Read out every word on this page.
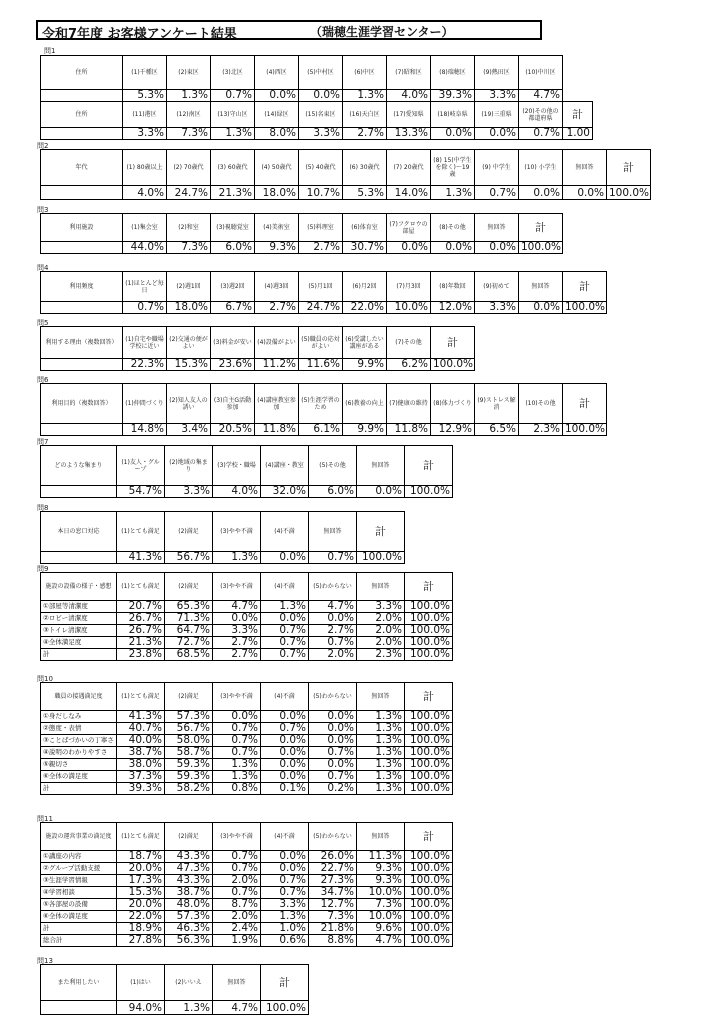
令和7年度 お客様アンケート結果	（瑞穂生涯学習センター）
問1
住所	(1)千種区	(2)東区	(3)北区	(4)西区	(5)中村区	(6)中区	(7)昭和区	(8)瑞穂区	(9)熱田区	(10)中川区
	5.3%	1.3%	0.7%	0.0%	0.0%	1.3%	4.0%	39.3%	3.3%	4.7%
住所	(11)港区	(12)南区	(13)守山区	(14)緑区	(15)名東区	(16)天白区	(17)愛知県	(18)岐阜県	(19)三重県	(20)その他の都道府県	計
	3.3%	7.3%	1.3%	8.0%	3.3%	2.7%	13.3%	0.0%	0.0%	0.7%	1.00
問2
年代	(1) 80歳以上	(2) 70歳代	(3) 60歳代	(4) 50歳代	(5) 40歳代	(6) 30歳代	(7) 20歳代	(8) 15(中学生を除く)～19歳	(9) 中学生	(10) 小学生	無回答	計
	4.0%	24.7%	21.3%	18.0%	10.7%	5.3%	14.0%	1.3%	0.7%	0.0%	0.0%	100.0%
問3
利用施設	(1)集会室	(2)和室	(3)視聴覚室	(4)美術室	(5)料理室	(6)体育室	(7)フクロウの部屋	(8)その他	無回答	計
	44.0%	7.3%	6.0%	9.3%	2.7%	30.7%	0.0%	0.0%	0.0%	100.0%
問4
利用頻度	(1)ほとんど毎日	(2)週1回	(3)週2回	(4)週3回	(5)月1回	(6)月2回	(7)月3回	(8)年数回	(9)初めて	無回答	計
	0.7%	18.0%	6.7%	2.7%	24.7%	22.0%	10.0%	12.0%	3.3%	0.0%	100.0%
問5
利用する理由（複数回答）	(1)自宅や職場学校に近い	(2)交通の便がよい	(3)料金が安い	(4)設備がよい	(5)職員の応対がよい	(6)受講したい講座がある	(7)その他	計
	22.3%	15.3%	23.6%	11.2%	11.6%	9.9%	6.2%	100.0%
問6
利用目的（複数回答）	(1)仲間づくり	(2)知人友人の誘い	(3)自主G活動参加	(4)講座教室参加	(5)生涯学習のため	(6)教養の向上	(7)健康の維持	(8)体力づくり	(9)ストレス解消	(10)その他	計
	14.8%	3.4%	20.5%	11.8%	6.1%	9.9%	11.8%	12.9%	6.5%	2.3%	100.0%
問7
どのような集まり	(1)友人・グループ	(2)地域の集まり	(3)学校・職場	(4)講座・教室	(5)その他	無回答	計
	54.7%	3.3%	4.0%	32.0%	6.0%	0.0%	100.0%
問8
本日の窓口対応	(1)とても満足	(2)満足	(3)やや不満	(4)不満	無回答	計
	41.3%	56.7%	1.3%	0.0%	0.7%	100.0%
問9
施設の設備の様子・感想	(1)とても満足	(2)満足	(3)やや不満	(4)不満	(5)わからない	無回答	計
①部屋等清潔度	20.7%	65.3%	4.7%	1.3%	4.7%	3.3%	100.0%
②ロビー清潔度	26.7%	71.3%	0.0%	0.0%	0.0%	2.0%	100.0%
③トイレ清潔度	26.7%	64.7%	3.3%	0.7%	2.7%	2.0%	100.0%
④全体満足度	21.3%	72.7%	2.7%	0.7%	0.7%	2.0%	100.0%
計	23.8%	68.5%	2.7%	0.7%	2.0%	2.3%	100.0%
問10
職員の接遇満足度	(1)とても満足	(2)満足	(3)やや不満	(4)不満	(5)わからない	無回答	計
①身だしなみ	41.3%	57.3%	0.0%	0.0%	0.0%	1.3%	100.0%
②態度・表情	40.7%	56.7%	0.7%	0.7%	0.0%	1.3%	100.0%
③ことばづかいの丁寧さ	40.0%	58.0%	0.7%	0.0%	0.0%	1.3%	100.0%
④説明のわかりやすさ	38.7%	58.7%	0.7%	0.0%	0.7%	1.3%	100.0%
⑤親切さ	38.0%	59.3%	1.3%	0.0%	0.0%	1.3%	100.0%
⑥全体の満足度	37.3%	59.3%	1.3%	0.0%	0.7%	1.3%	100.0%
計	39.3%	58.2%	0.8%	0.1%	0.2%	1.3%	100.0%
問11
施設の運営事業の満足度	(1)とても満足	(2)満足	(3)やや不満	(4)不満	(5)わからない	無回答	計
①講座の内容	18.7%	43.3%	0.7%	0.0%	26.0%	11.3%	100.0%
②グループ活動支援	20.0%	47.3%	0.7%	0.0%	22.7%	9.3%	100.0%
③生涯学習情報	17.3%	43.3%	2.0%	0.7%	27.3%	9.3%	100.0%
④学習相談	15.3%	38.7%	0.7%	0.7%	34.7%	10.0%	100.0%
⑤各部屋の設備	20.0%	48.0%	8.7%	3.3%	12.7%	7.3%	100.0%
⑥全体の満足度	22.0%	57.3%	2.0%	1.3%	7.3%	10.0%	100.0%
計	18.9%	46.3%	2.4%	1.0%	21.8%	9.6%	100.0%
総合計	27.8%	56.3%	1.9%	0.6%	8.8%	4.7%	100.0%
問13
また利用したい	(1)はい	(2)いいえ	無回答	計
	94.0%	1.3%	4.7%	100.0%
